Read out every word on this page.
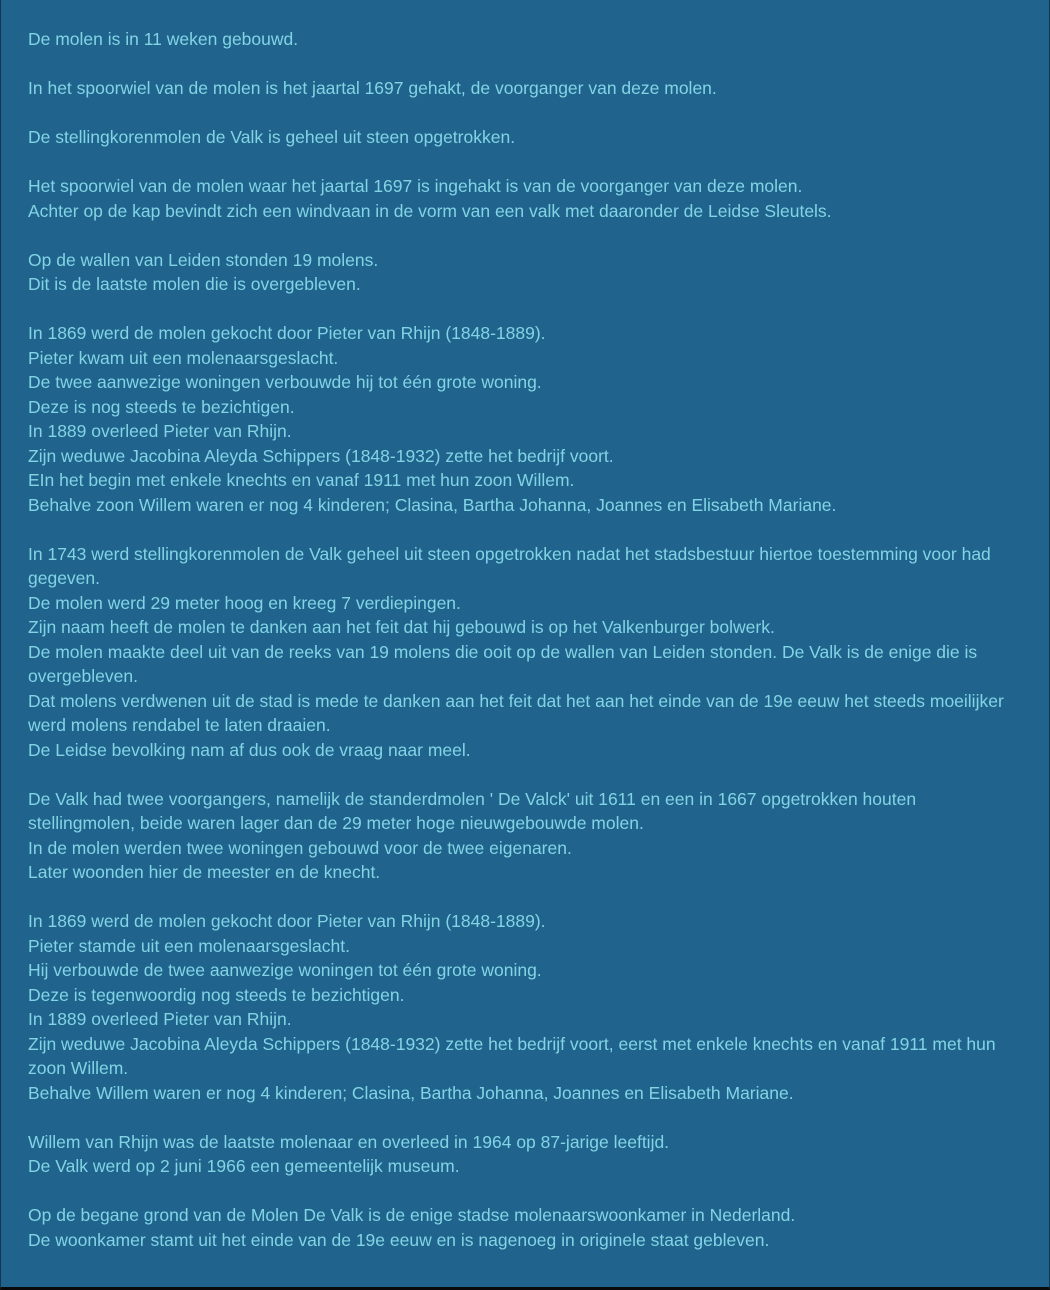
De molen is in 11 weken gebouwd.

In het spoorwiel van de molen is het jaartal 1697 gehakt, de voorganger van deze molen.

De stellingkorenmolen de Valk is geheel uit steen opgetrokken.

Het spoorwiel van de molen waar het jaartal 1697 is ingehakt is van de voorganger van deze molen.
Achter op de kap bevindt zich een windvaan in de vorm van een valk met daaronder de Leidse Sleutels.

Op de wallen van Leiden stonden 19 molens.
Dit is de laatste molen die is overgebleven.

In 1869 werd de molen gekocht door Pieter van Rhijn (1848-1889).
Pieter kwam uit een molenaarsgeslacht.
De twee aanwezige woningen verbouwde hij tot één grote woning.
Deze is nog steeds te bezichtigen.
In 1889 overleed Pieter van Rhijn.
Zijn weduwe Jacobina Aleyda Schippers (1848-1932) zette het bedrijf voort.
EIn het begin met enkele knechts en vanaf 1911 met hun zoon Willem.
Behalve zoon Willem waren er nog 4 kinderen; Clasina, Bartha Johanna, Joannes en Elisabeth Mariane.

In 1743 werd stellingkorenmolen de Valk geheel uit steen opgetrokken nadat het stadsbestuur hiertoe toestemming voor had gegeven.
De molen werd 29 meter hoog en kreeg 7 verdiepingen.
Zijn naam heeft de molen te danken aan het feit dat hij gebouwd is op het Valkenburger bolwerk.
De molen maakte deel uit van de reeks van 19 molens die ooit op de wallen van Leiden stonden. De Valk is de enige die is overgebleven.
Dat molens verdwenen uit de stad is mede te danken aan het feit dat het aan het einde van de 19e eeuw het steeds moeilijker werd molens rendabel te laten draaien.
De Leidse bevolking nam af dus ook de vraag naar meel.

De Valk had twee voorgangers, namelijk de standerdmolen ' De Valck' uit 1611 en een in 1667 opgetrokken houten stellingmolen, beide waren lager dan de 29 meter hoge nieuwgebouwde molen.
In de molen werden twee woningen gebouwd voor de twee eigenaren.
Later woonden hier de meester en de knecht.

In 1869 werd de molen gekocht door Pieter van Rhijn (1848-1889).
Pieter stamde uit een molenaarsgeslacht.
Hij verbouwde de twee aanwezige woningen tot één grote woning.
Deze is tegenwoordig nog steeds te bezichtigen.
In 1889 overleed Pieter van Rhijn.
Zijn weduwe Jacobina Aleyda Schippers (1848-1932) zette het bedrijf voort, eerst met enkele knechts en vanaf 1911 met hun zoon Willem.
Behalve Willem waren er nog 4 kinderen; Clasina, Bartha Johanna, Joannes en Elisabeth Mariane.

Willem van Rhijn was de laatste molenaar en overleed in 1964 op 87-jarige leeftijd.
De Valk werd op 2 juni 1966 een gemeentelijk museum.

Op de begane grond van de Molen De Valk is de enige stadse molenaarswoonkamer in Nederland.
De woonkamer stamt uit het einde van de 19e eeuw en is nagenoeg in originele staat gebleven.
